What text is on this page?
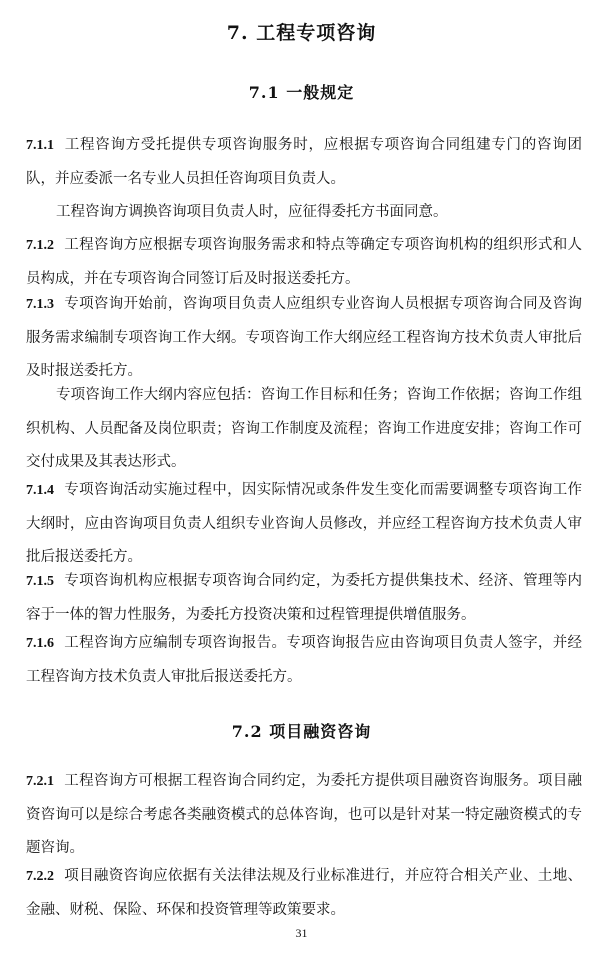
7. 工程专项咨询
7.1 一般规定
7.1.1 工程咨询方受托提供专项咨询服务时，应根据专项咨询合同组建专门的咨询团队，并应委派一名专业人员担任咨询项目负责人。
工程咨询方调换咨询项目负责人时，应征得委托方书面同意。
7.1.2 工程咨询方应根据专项咨询服务需求和特点等确定专项咨询机构的组织形式和人员构成，并在专项咨询合同签订后及时报送委托方。
7.1.3 专项咨询开始前，咨询项目负责人应组织专业咨询人员根据专项咨询合同及咨询服务需求编制专项咨询工作大纲。专项咨询工作大纲应经工程咨询方技术负责人审批后及时报送委托方。
专项咨询工作大纲内容应包括：咨询工作目标和任务；咨询工作依据；咨询工作组织机构、人员配备及岗位职责；咨询工作制度及流程；咨询工作进度安排；咨询工作可交付成果及其表达形式。
7.1.4 专项咨询活动实施过程中，因实际情况或条件发生变化而需要调整专项咨询工作大纲时，应由咨询项目负责人组织专业咨询人员修改，并应经工程咨询方技术负责人审批后报送委托方。
7.1.5 专项咨询机构应根据专项咨询合同约定，为委托方提供集技术、经济、管理等内容于一体的智力性服务，为委托方投资决策和过程管理提供增值服务。
7.1.6 工程咨询方应编制专项咨询报告。专项咨询报告应由咨询项目负责人签字，并经工程咨询方技术负责人审批后报送委托方。
7.2 项目融资咨询
7.2.1 工程咨询方可根据工程咨询合同约定，为委托方提供项目融资咨询服务。项目融资咨询可以是综合考虑各类融资模式的总体咨询，也可以是针对某一特定融资模式的专题咨询。
7.2.2 项目融资咨询应依据有关法律法规及行业标准进行，并应符合相关产业、土地、金融、财税、保险、环保和投资管理等政策要求。
31
